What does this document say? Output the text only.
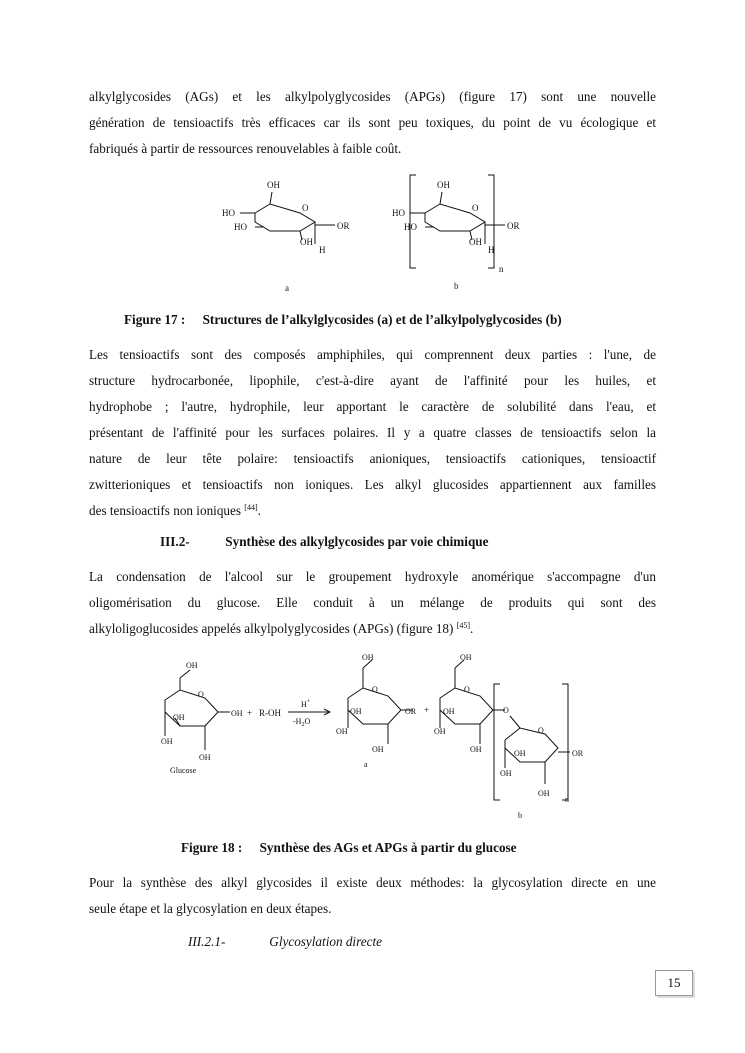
alkylglycosides (AGs) et les alkylpolyglycosides (APGs) (figure 17) sont une nouvelle
génération de tensioactifs très efficaces car ils sont peu toxiques, du point de vu écologique et
fabriqués à partir de ressources renouvelables à faible coût.
OH
HO
HO
O
OR
OH
H
a
OH
HO
HO
O
OR
OH
H
n
b
Figure 17 : Structures de l’alkylglycosides (a) et de l’alkylpolyglycosides (b)
Les tensioactifs sont des composés amphiphiles, qui comprennent deux parties : l'une, de
structure hydrocarbonée, lipophile, c'est-à-dire ayant de l'affinité pour les huiles, et
hydrophobe ; l'autre, hydrophile, leur apportant le caractère de solubilité dans l'eau, et
présentant de l'affinité pour les surfaces polaires. Il y a quatre classes de tensioactifs selon la
nature de leur tête polaire: tensioactifs anioniques, tensioactifs cationiques, tensioactif
zwitterioniques et tensioactifs non ioniques. Les alkyl glucosides appartiennent aux familles
des tensioactifs non ioniques [44].
III.2-	Synthèse des alkylglycosides par voie chimique
La condensation de l'alcool sur le groupement hydroxyle anomérique s'accompagne d'un
oligomérisation du glucose. Elle conduit à un mélange de produits qui sont des
alkyloligoglucosides appelés alkylpolyglycosides (APGs) (figure 18) [45].
OH
O
OH
OH
OH
OH
Glucose
+ R-OH
H+
$-H_2O$
OH
O
OR
OH
OH
OH
a
+
OH
O
OH
OH
OH
O
O
OR
OH
OH
OH
n
b
Figure 18 : Synthèse des AGs et APGs à partir du glucose
Pour la synthèse des alkyl glycosides il existe deux méthodes: la glycosylation directe en une
seule étape et la glycosylation en deux étapes.
III.2.1-	Glycosylation directe
15
